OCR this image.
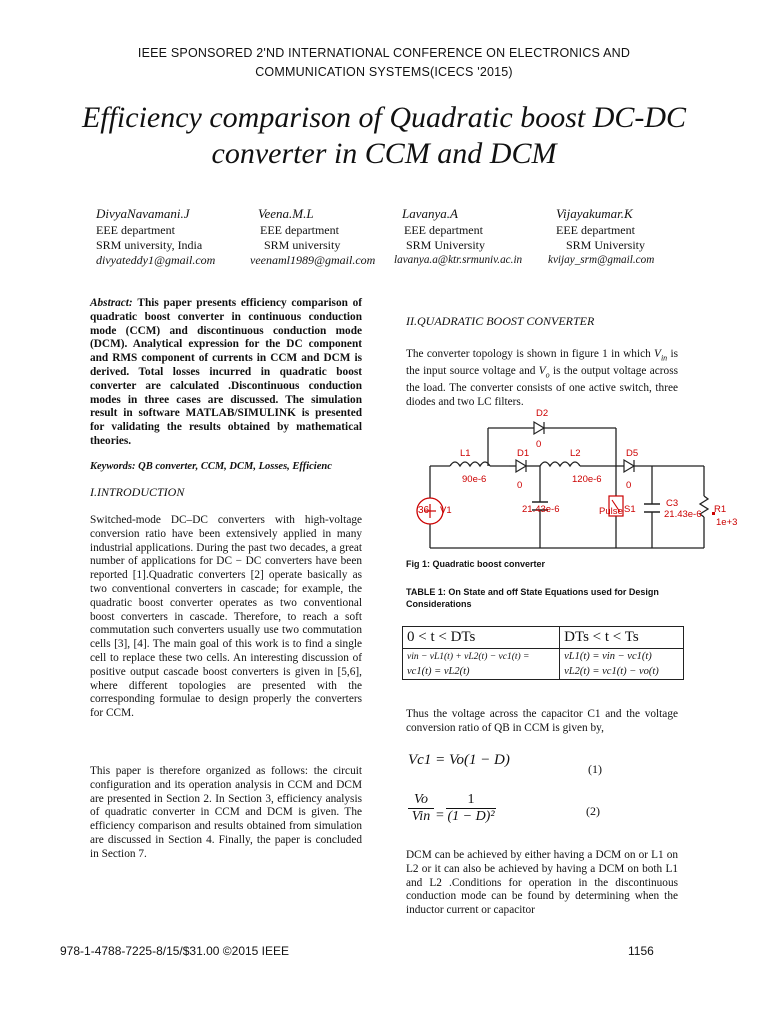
IEEE SPONSORED 2'ND INTERNATIONAL CONFERENCE ON ELECTRONICS AND COMMUNICATION SYSTEMS(ICECS '2015)
Efficiency comparison of Quadratic boost DC-DC converter in CCM and DCM
DivyaNavamani.J
EEE department
SRM university, India
divyateddy1@gmail.com
Veena.M.L
EEE department
SRM university
veenaml1989@gmail.com
Lavanya.A
EEE department
SRM University
lavanya.a@ktr.srmuniv.ac.in
Vijayakumar.K
EEE department
SRM University
kvijay_srm@gmail.com
Abstract: This paper presents efficiency comparison of quadratic boost converter in continuous conduction mode (CCM) and discontinuous conduction mode (DCM). Analytical expression for the DC component and RMS component of currents in CCM and DCM is derived. Total losses incurred in quadratic boost converter are calculated .Discontinuous conduction modes in three cases are discussed. The simulation result in software MATLAB/SIMULINK is presented for validating the results obtained by mathematical theories.
Keywords: QB converter, CCM, DCM, Losses, Efficienc
I.INTRODUCTION
Switched-mode DC–DC converters with high-voltage conversion ratio have been extensively applied in many industrial applications. During the past two decades, a great number of applications for DC − DC converters have been reported [1].Quadratic converters [2] operate basically as two conventional converters in cascade; for example, the quadratic boost converter operates as two conventional boost converters in cascade. Therefore, to reach a soft commutation such converters usually use two commutation cells [3], [4]. The main goal of this work is to find a single cell to replace these two cells. An interesting discussion of positive output cascade boost converters is given in [5,6], where different topologies are presented with the corresponding formulae to design properly the converters for CCM.
This paper is therefore organized as follows: the circuit configuration and its operation analysis in CCM and DCM are presented in Section 2. In Section 3, efficiency analysis of quadratic converter in CCM and DCM is given. The efficiency comparison and results obtained from simulation are discussed in Section 4. Finally, the paper is concluded in Section 7.
II.QUADRATIC BOOST CONVERTER
The converter topology is shown in figure 1 in which $V_{in}$ is the input source voltage and $V_o$ is the output voltage across the load. The converter consists of one active switch, three diodes and two LC filters.
36
D2
0
L1
90e-6
D1
0
L2
120e-6
D5
0
V1	21.43e-6	Pulse S1
C3
21.43e-6 R1
1e+3
Fig 1: Quadratic boost converter
TABLE 1: On State and off State Equations used for Design Considerations
0 < t < DTs	DTs < t < Ts
vin − vL1(t) + vL2(t) − vc1(t) =	vL1(t) = vin − vc1(t)
vc1(t) = vL2(t)	vL2(t) = vc1(t) − vo(t)
Thus the voltage across the capacitor C1 and the voltage conversion ratio of QB in CCM is given by,
Vc1 = Vo(1 − D)
(1)
Vo
Vin = $\frac{1}{\text{(1 − D)²}}$	(2)
DCM can be achieved by either having a DCM on or L1 on L2 or it can also be achieved by having a DCM on both L1 and L2 .Conditions for operation in the discontinuous conduction mode can be found by determining when the inductor current or capacitor
978-1-4788-7225-8/15/$31.00 ©2015 IEEE	1156
